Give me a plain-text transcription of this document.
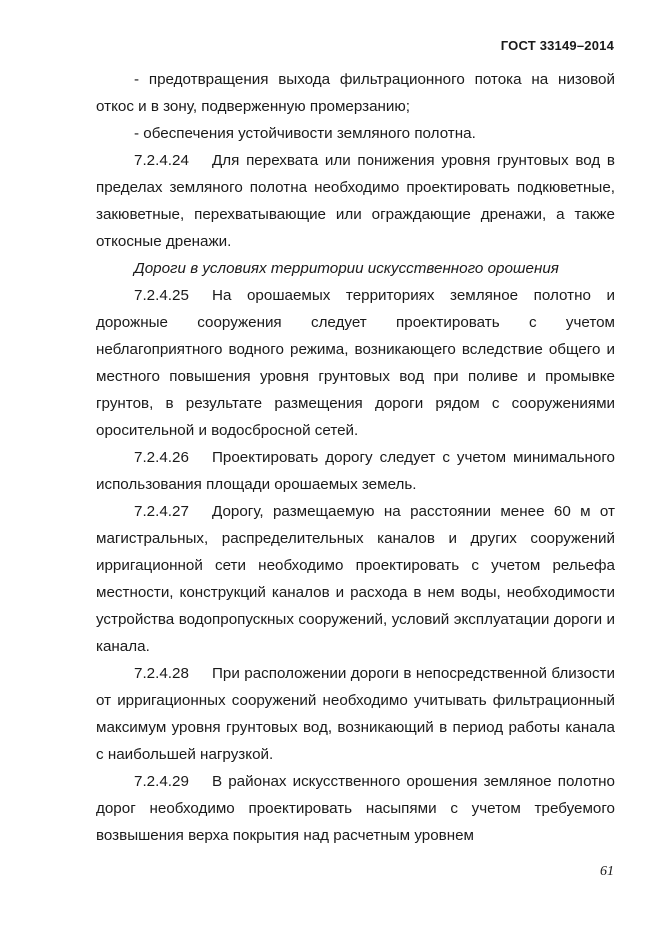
ГОСТ 33149–2014

- предотвращения выхода фильтрационного потока на низовой откос и в зону, подверженную промерзанию;

- обеспечения устойчивости земляного полотна.

7.2.4.24 Для перехвата или понижения уровня грунтовых вод в пределах земляного полотна необходимо проектировать подкюветные, закюветные, перехватывающие или ограждающие дренажи, а также откосные дренажи.

Дороги в условиях территории искусственного орошения

7.2.4.25 На орошаемых территориях земляное полотно и дорожные сооружения следует проектировать с учетом неблагоприятного водного режима, возникающего вследствие общего и местного повышения уровня грунтовых вод при поливе и промывке грунтов, в результате размещения дороги рядом с сооружениями оросительной и водосбросной сетей.

7.2.4.26 Проектировать дорогу следует с учетом минимального использования площади орошаемых земель.

7.2.4.27 Дорогу, размещаемую на расстоянии менее 60 м от магистральных, распределительных каналов и других сооружений ирригационной сети необходимо проектировать с учетом рельефа местности, конструкций каналов и расхода в нем воды, необходимости устройства водопропускных сооружений, условий эксплуатации дороги и канала.

7.2.4.28 При расположении дороги в непосредственной близости от ирригационных сооружений необходимо учитывать фильтрационный максимум уровня грунтовых вод, возникающий в период работы канала с наибольшей нагрузкой.

7.2.4.29 В районах искусственного орошения земляное полотно дорог необходимо проектировать насыпями с учетом требуемого возвышения верха покрытия над расчетным уровнем

61
